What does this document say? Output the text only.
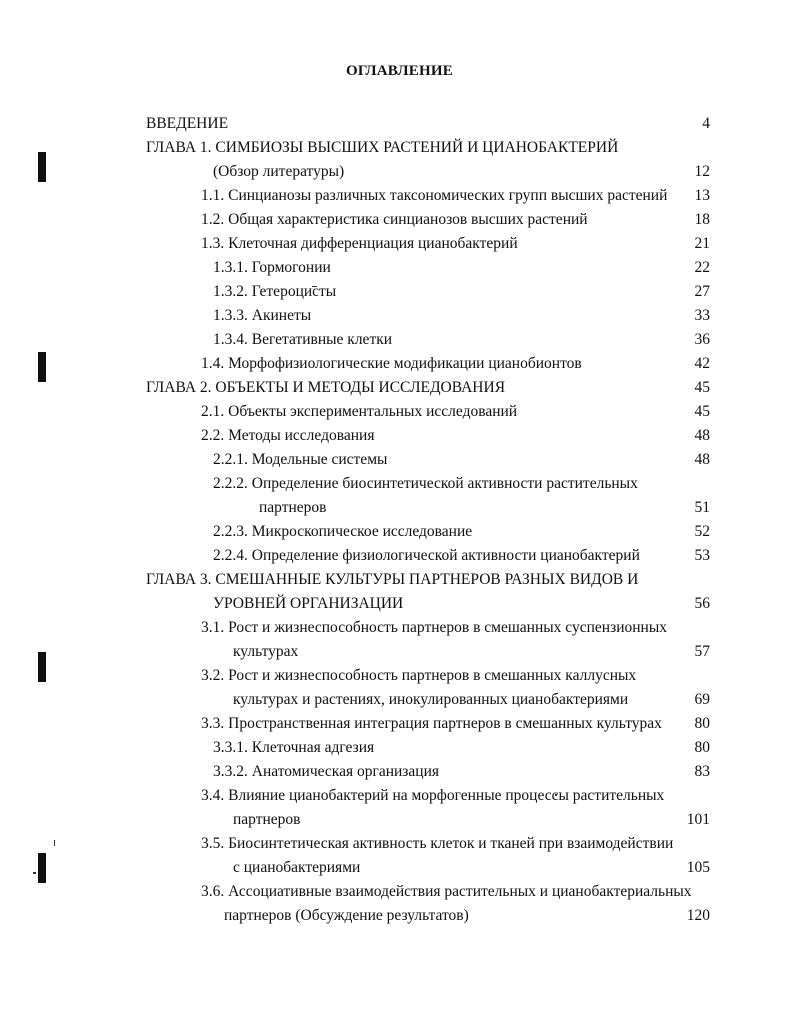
ОГЛАВЛЕНИЕ
ВВЕДЕНИЕ	4
ГЛАВА 1. СИМБИОЗЫ ВЫСШИХ РАСТЕНИЙ И ЦИАНОБАКТЕРИЙ
(Обзор литературы)	12
1.1. Синцианозы различных таксономических групп высших растений 13
1.2. Общая характеристика синцианозов высших растений	18
1.3. Клеточная дифференциация цианобактерий	21
1.3.1. Гормогонии	22
1.3.2. Гетероцисты	27
1.3.3. Акинеты	33
1.3.4. Вегетативные клетки	36
1.4. Морфофизиологические модификации цианобионтов	42
ГЛАВА 2. ОБЪЕКТЫ И МЕТОДЫ ИССЛЕДОВАНИЯ	45
2.1. Объекты экспериментальных исследований	45
2.2. Методы исследования	48
2.2.1. Модельные системы	48
2.2.2. Определение биосинтетической активности растительных
партнеров	51
2.2.3. Микроскопическое исследование	52
2.2.4. Определение физиологической активности цианобактерий	53
ГЛАВА 3. СМЕШАННЫЕ КУЛЬТУРЫ ПАРТНЕРОВ РАЗНЫХ ВИДОВ И
УРОВНЕЙ ОРГАНИЗАЦИИ	56
3.1. Рост и жизнеспособность партнеров в смешанных суспензионных
культурах	57
3.2. Рост и жизнеспособность партнеров в смешанных каллусных
культурах и растениях, инокулированных цианобактериями	69
3.3. Пространственная интеграция партнеров в смешанных культурах 80
3.3.1. Клеточная адгезия	80
3.3.2. Анатомическая организация	83
3.4. Влияние цианобактерий на морфогенные процессы растительных
партнеров	101
3.5. Биосинтетическая активность клеток и тканей при взаимодействии
с цианобактериями	105
3.6. Ассоциативные взаимодействия растительных и цианобактериальных
партнеров (Обсуждение результатов)	120
